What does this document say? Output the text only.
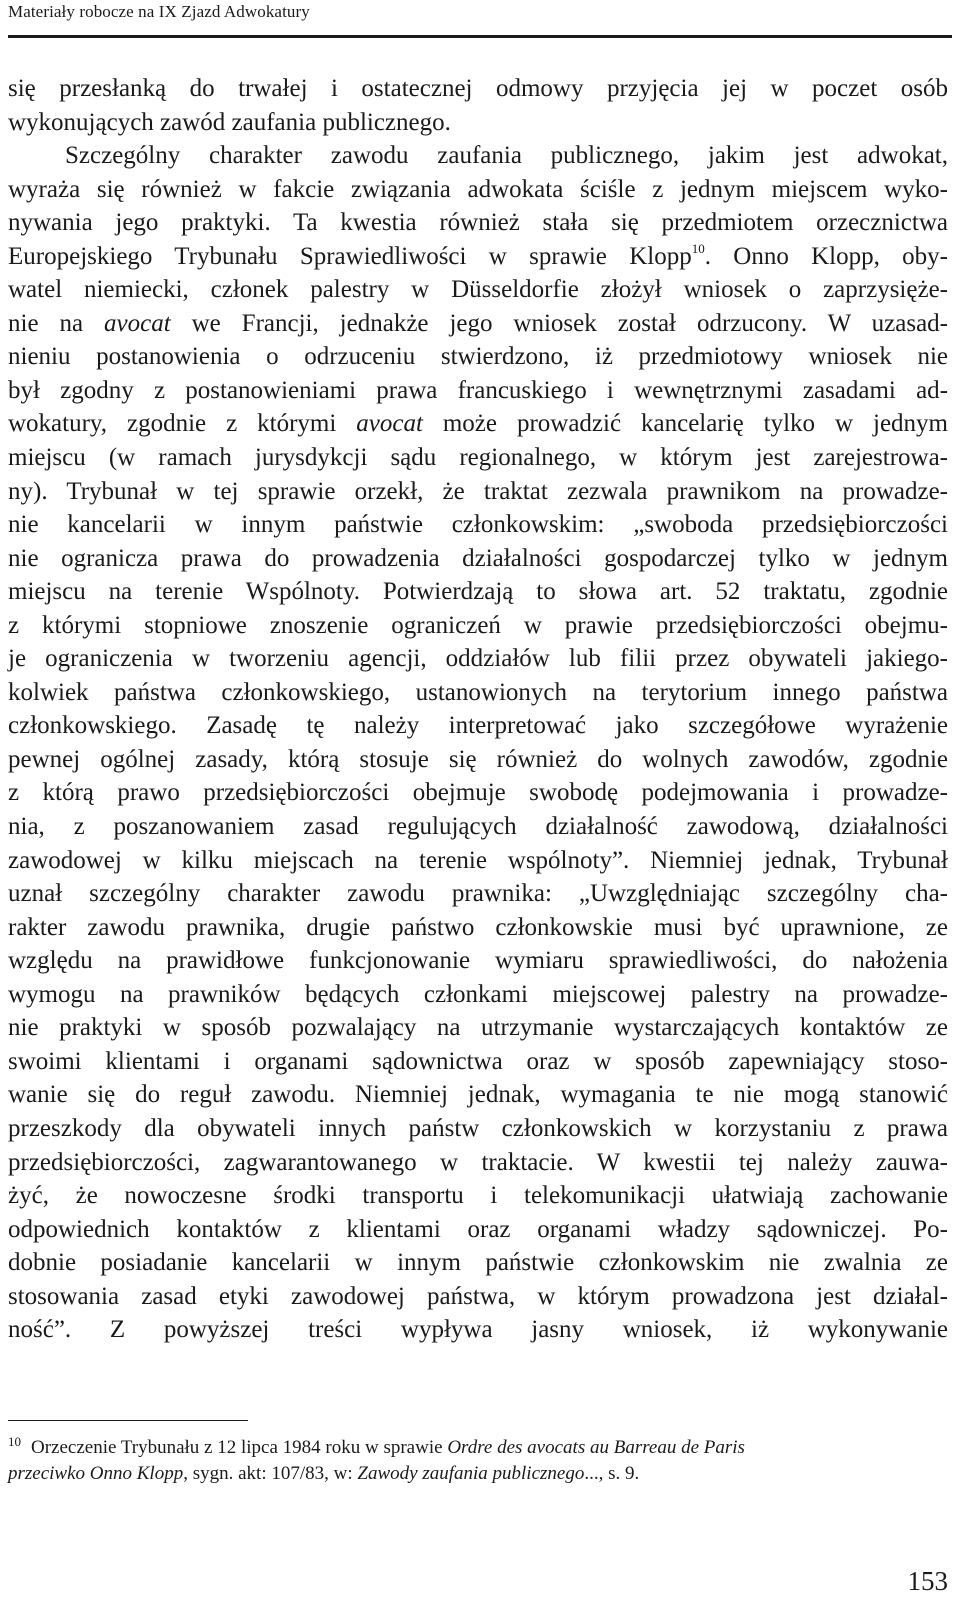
Materiały robocze na IX Zjazd Adwokatury
się przesłanką do trwałej i ostatecznej odmowy przyjęcia jej w poczet osób
wykonujących zawód zaufania publicznego.
Szczególny charakter zawodu zaufania publicznego, jakim jest adwokat,
wyraża się również w fakcie związania adwokata ściśle z jednym miejscem wyko-
nywania jego praktyki. Ta kwestia również stała się przedmiotem orzecznictwa
Europejskiego Trybunału Sprawiedliwości w sprawie Klopp$^{10}$. Onno Klopp, oby-
watel niemiecki, członek palestry w Düsseldorfie złożył wniosek o zaprzysięże-
nie na avocat we Francji, jednakże jego wniosek został odrzucony. W uzasad-
nieniu postanowienia o odrzuceniu stwierdzono, iż przedmiotowy wniosek nie
był zgodny z postanowieniami prawa francuskiego i wewnętrznymi zasadami ad-
wokatury, zgodnie z którymi avocat może prowadzić kancelarię tylko w jednym
miejscu (w ramach jurysdykcji sądu regionalnego, w którym jest zarejestrowa-
ny). Trybunał w tej sprawie orzekł, że traktat zezwala prawnikom na prowadze-
nie kancelarii w innym państwie członkowskim: „swoboda przedsiębiorczości
nie ogranicza prawa do prowadzenia działalności gospodarczej tylko w jednym
miejscu na terenie Wspólnoty. Potwierdzają to słowa art. 52 traktatu, zgodnie
z którymi stopniowe znoszenie ograniczeń w prawie przedsiębiorczości obejmu-
je ograniczenia w tworzeniu agencji, oddziałów lub filii przez obywateli jakiego-
kolwiek państwa członkowskiego, ustanowionych na terytorium innego państwa
członkowskiego. Zasadę tę należy interpretować jako szczegółowe wyrażenie
pewnej ogólnej zasady, którą stosuje się również do wolnych zawodów, zgodnie
z którą prawo przedsiębiorczości obejmuje swobodę podejmowania i prowadze-
nia, z poszanowaniem zasad regulujących działalność zawodową, działalności
zawodowej w kilku miejscach na terenie wspólnoty”. Niemniej jednak, Trybunał
uznał szczególny charakter zawodu prawnika: „Uwzględniając szczególny cha-
rakter zawodu prawnika, drugie państwo członkowskie musi być uprawnione, ze
względu na prawidłowe funkcjonowanie wymiaru sprawiedliwości, do nałożenia
wymogu na prawników będących członkami miejscowej palestry na prowadze-
nie praktyki w sposób pozwalający na utrzymanie wystarczających kontaktów ze
swoimi klientami i organami sądownictwa oraz w sposób zapewniający stoso-
wanie się do reguł zawodu. Niemniej jednak, wymagania te nie mogą stanowić
przeszkody dla obywateli innych państw członkowskich w korzystaniu z prawa
przedsiębiorczości, zagwarantowanego w traktacie. W kwestii tej należy zauwa-
żyć, że nowoczesne środki transportu i telekomunikacji ułatwiają zachowanie
odpowiednich kontaktów z klientami oraz organami władzy sądowniczej. Po-
dobnie posiadanie kancelarii w innym państwie członkowskim nie zwalnia ze
stosowania zasad etyki zawodowej państwa, w którym prowadzona jest działal-
ność”. Z powyższej treści wypływa jasny wniosek, iż wykonywanie
$^{10}$ Orzeczenie Trybunału z 12 lipca 1984 roku w sprawie Ordre des avocats au Barreau de Paris
przeciwko Onno Klopp, sygn. akt: 107/83, w: Zawody zaufania publicznego..., s. 9.
153
